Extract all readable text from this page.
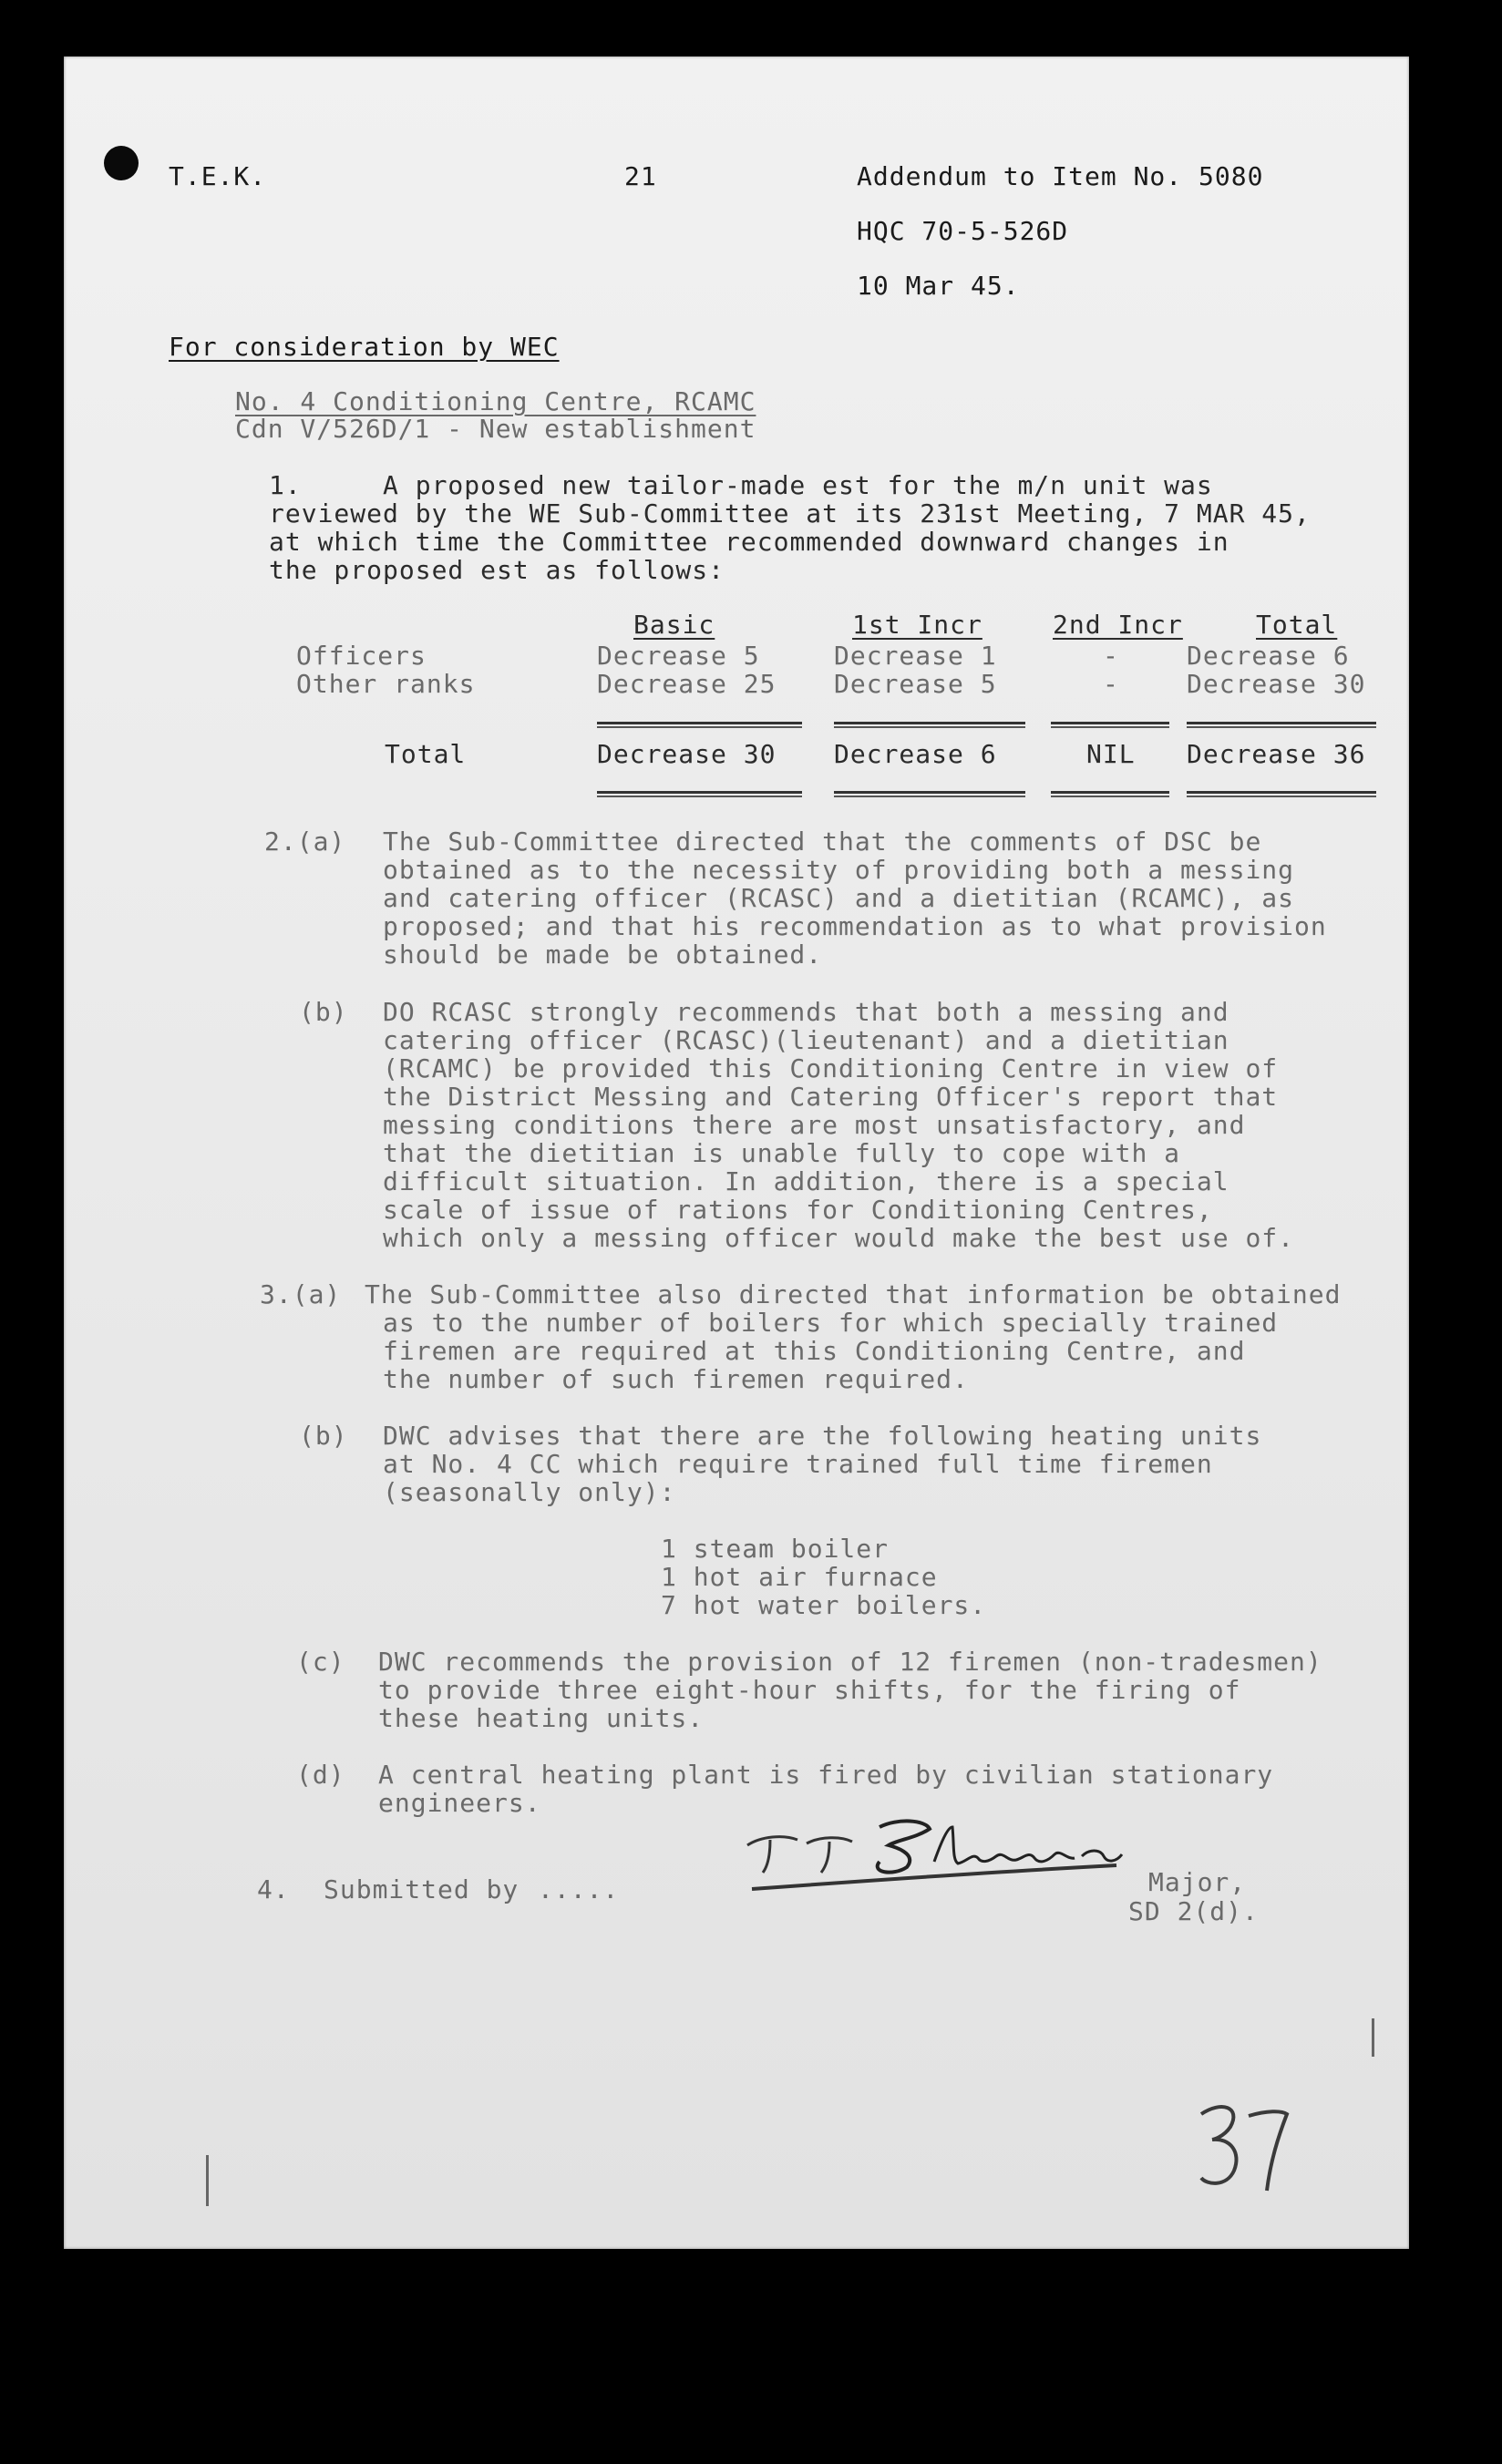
T.E.K.	21	Addendum to Item No. 5080
HQC 70-5-526D
10 Mar 45.
For consideration by WEC
No. 4 Conditioning Centre, RCAMC
Cdn V/526D/1 - New establishment
1.	A proposed new tailor-made est for the m/n unit was
reviewed by the WE Sub-Committee at its 231st Meeting, 7 MAR 45,
at which time the Committee recommended downward changes in
the proposed est as follows:
Basic	1st Incr	2nd Incr	Total
Officers	Decrease 5	Decrease 1	-	Decrease 6
Other ranks	Decrease 25 Decrease 5	-	Decrease 30
Total	Decrease 30 Decrease 6	NIL Decrease 36
2.(a) The Sub-Committee directed that the comments of DSC be
obtained as to the necessity of providing both a messing
and catering officer (RCASC) and a dietitian (RCAMC), as
proposed; and that his recommendation as to what provision
should be made be obtained.
(b) DO RCASC strongly recommends that both a messing and
catering officer (RCASC)(lieutenant) and a dietitian
(RCAMC) be provided this Conditioning Centre in view of
the District Messing and Catering Officer's report that
messing conditions there are most unsatisfactory, and
that the dietitian is unable fully to cope with a
difficult situation. In addition, there is a special
scale of issue of rations for Conditioning Centres,
which only a messing officer would make the best use of.
3.(a) The Sub-Committee also directed that information be obtained
as to the number of boilers for which specially trained
firemen are required at this Conditioning Centre, and
the number of such firemen required.
(b) DWC advises that there are the following heating units
at No. 4 CC which require trained full time firemen
(seasonally only):
1 steam boiler
1 hot air furnace
7 hot water boilers.
(c) DWC recommends the provision of 12 firemen (non-tradesmen)
to provide three eight-hour shifts, for the firing of
these heating units.
(d) A central heating plant is fired by civilian stationary
engineers.
4. Submitted by .....	Major,
SD 2(d).
